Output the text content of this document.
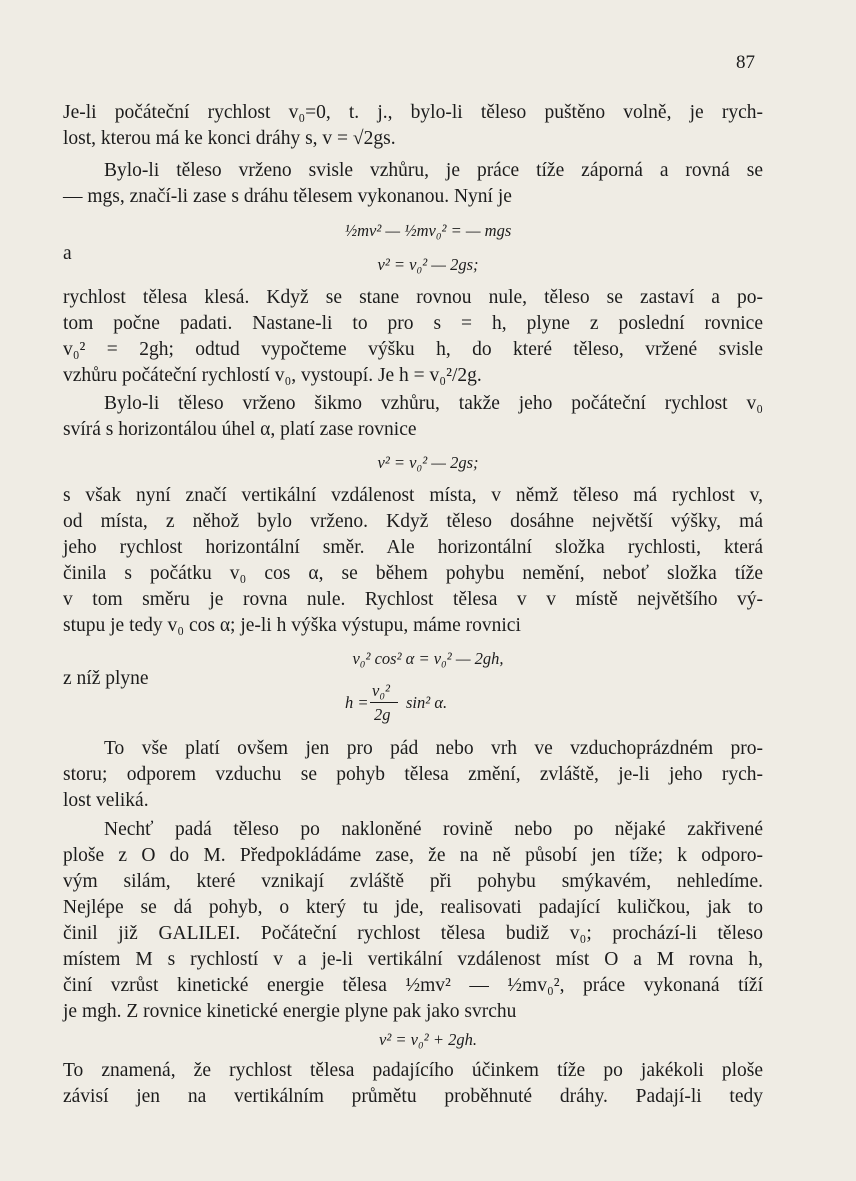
87
Je-li počáteční rychlost v₀=0, t. j., bylo-li těleso puštěno volně, je rych-
lost, kterou má ke konci dráhy s, v = √2gs.
Bylo-li těleso vrženo svisle vzhůru, je práce tíže záporná a rovná se
— mgs, značí-li zase s dráhu tělesem vykonanou. Nyní je
½mv² — ½mv₀² = — mgs
a
v² = v₀² — 2gs;
rychlost tělesa klesá. Když se stane rovnou nule, těleso se zastaví a po-
tom počne padati. Nastane-li to pro s = h, plyne z poslední rovnice
v₀² = 2gh; odtud vypočteme výšku h, do které těleso, vržené svisle
vzhůru počáteční rychlostí v₀, vystoupí. Je h = v₀²/2g.
Bylo-li těleso vrženo šikmo vzhůru, takže jeho počáteční rychlost v₀
svírá s horizontálou úhel α, platí zase rovnice
v² = v₀² — 2gs;
s však nyní značí vertikální vzdálenost místa, v němž těleso má rychlost v,
od místa, z něhož bylo vrženo. Když těleso dosáhne největší výšky, má
jeho rychlost horizontální směr. Ale horizontální složka rychlosti, která
činila s počátku v₀ cos α, se během pohybu nemění, neboť složka tíže
v tom směru je rovna nule. Rychlost tělesa v v místě největšího vý-
stupu je tedy v₀ cos α; je-li h výška výstupu, máme rovnici
v₀² cos² α = v₀² — 2gh,
z níž plyne
h =
v₀²
2g
sin² α.
To vše platí ovšem jen pro pád nebo vrh ve vzduchoprázdném pro-
storu; odporem vzduchu se pohyb tělesa změní, zvláště, je-li jeho rych-
lost veliká.
Nechť padá těleso po nakloněné rovině nebo po nějaké zakřivené
ploše z O do M. Předpokládáme zase, že na ně působí jen tíže; k odporo-
vým silám, které vznikají zvláště při pohybu smýkavém, nehledíme.
Nejlépe se dá pohyb, o který tu jde, realisovati padající kuličkou, jak to
činil již GALILEI. Počáteční rychlost tělesa budiž v₀; prochází-li těleso
místem M s rychlostí v a je-li vertikální vzdálenost míst O a M rovna h,
činí vzrůst kinetické energie tělesa ½mv² — ½mv₀², práce vykonaná tíží
je mgh. Z rovnice kinetické energie plyne pak jako svrchu
v² = v₀² + 2gh.
To znamená, že rychlost tělesa padajícího účinkem tíže po jakékoli ploše
závisí jen na vertikálním průmětu proběhnuté dráhy. Padají-li tedy
